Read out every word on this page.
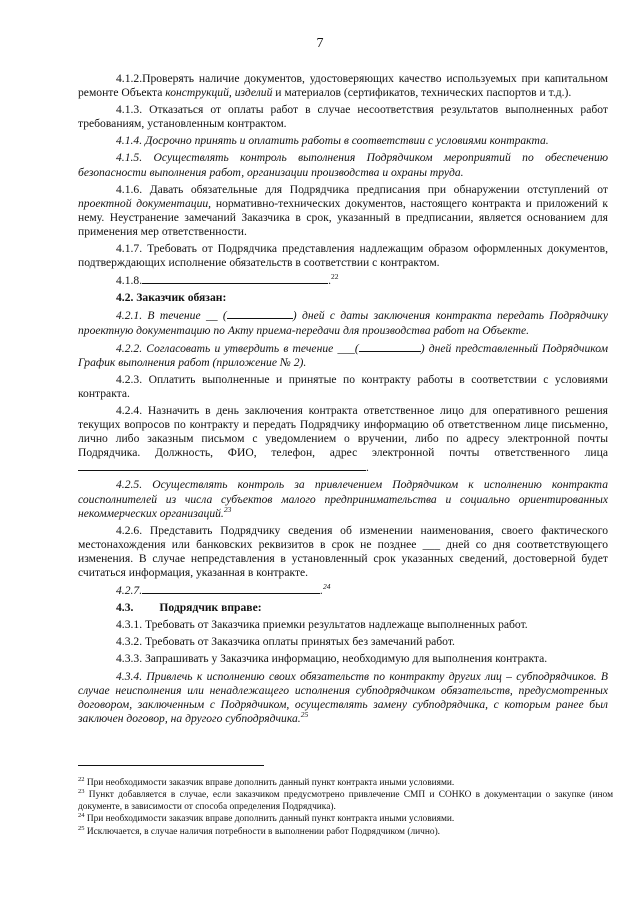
7

4.1.2.Проверять наличие документов, удостоверяющих качество используемых при капитальном ремонте Объекта конструкций, изделий и материалов (сертификатов, технических паспортов и т.д.).

4.1.3. Отказаться от оплаты работ в случае несоответствия результатов выполненных работ требованиям, установленным контрактом.

4.1.4. Досрочно принять и оплатить работы в соответствии с условиями контракта.

4.1.5. Осуществлять контроль выполнения Подрядчиком мероприятий по обеспечению безопасности выполнения работ, организации производства и охраны труда.

4.1.6. Давать обязательные для Подрядчика предписания при обнаружении отступлений от проектной документации, нормативно-технических документов, настоящего контракта и приложений к нему. Неустранение замечаний Заказчика в срок, указанный в предписании, является основанием для применения мер ответственности.

4.1.7. Требовать от Подрядчика представления надлежащим образом оформленных документов, подтверждающих исполнение обязательств в соответствии с контрактом.

4.1.8.	.$^{22}$

4.2. Заказчик обязан:

4.2.1. В течение __ (	) дней с даты заключения контракта передать Подрядчику проектную документацию по Акту приема-передачи для производства работ на Объекте.

4.2.2. Согласовать и утвердить в течение ___(	) дней представленный Подрядчиком График выполнения работ (приложение № 2).

4.2.3. Оплатить выполненные и принятые по контракту работы в соответствии с условиями контракта.

4.2.4. Назначить в день заключения контракта ответственное лицо для оперативного решения текущих вопросов по контракту и передать Подрядчику информацию об ответственном лице письменно, лично либо заказным письмом с уведомлением о вручении, либо по адресу электронной почты Подрядчика. Должность, ФИО, телефон, адрес электронной почты ответственного лица.

4.2.5. Осуществлять контроль за привлечением Подрядчиком к исполнению контракта соисполнителей из числа субъектов малого предпринимательства и социально ориентированных некоммерческих организаций.$^{23}$

4.2.6. Представить Подрядчику сведения об изменении наименования, своего фактического местонахождения или банковских реквизитов в срок не позднее ___ дней со дня соответствующего изменения. В случае непредставления в установленный срок указанных сведений, достоверной будет считаться информация, указанная в контракте.

4.2.7.	.$^{24}$

4.3. Подрядчик вправе:

4.3.1. Требовать от Заказчика приемки результатов надлежаще выполненных работ.

4.3.2. Требовать от Заказчика оплаты принятых без замечаний работ.

4.3.3. Запрашивать у Заказчика информацию, необходимую для выполнения контракта.

4.3.4. Привлечь к исполнению своих обязательств по контракту других лиц – субподрядчиков. В случае неисполнения или ненадлежащего исполнения субподрядчиком обязательств, предусмотренных договором, заключенным с Подрядчиком, осуществлять замену субподрядчика, с которым ранее был заключен договор, на другого субподрядчика.$^{25}$

$^{22}$ При необходимости заказчик вправе дополнить данный пункт контракта иными условиями.

$^{23}$ Пункт добавляется в случае, если заказчиком предусмотрено привлечение СМП и СОНКО в документации о закупке (ином документе, в зависимости от способа определения Подрядчика).

$^{24}$ При необходимости заказчик вправе дополнить данный пункт контракта иными условиями.

$^{25}$ Исключается, в случае наличия потребности в выполнении работ Подрядчиком (лично).
